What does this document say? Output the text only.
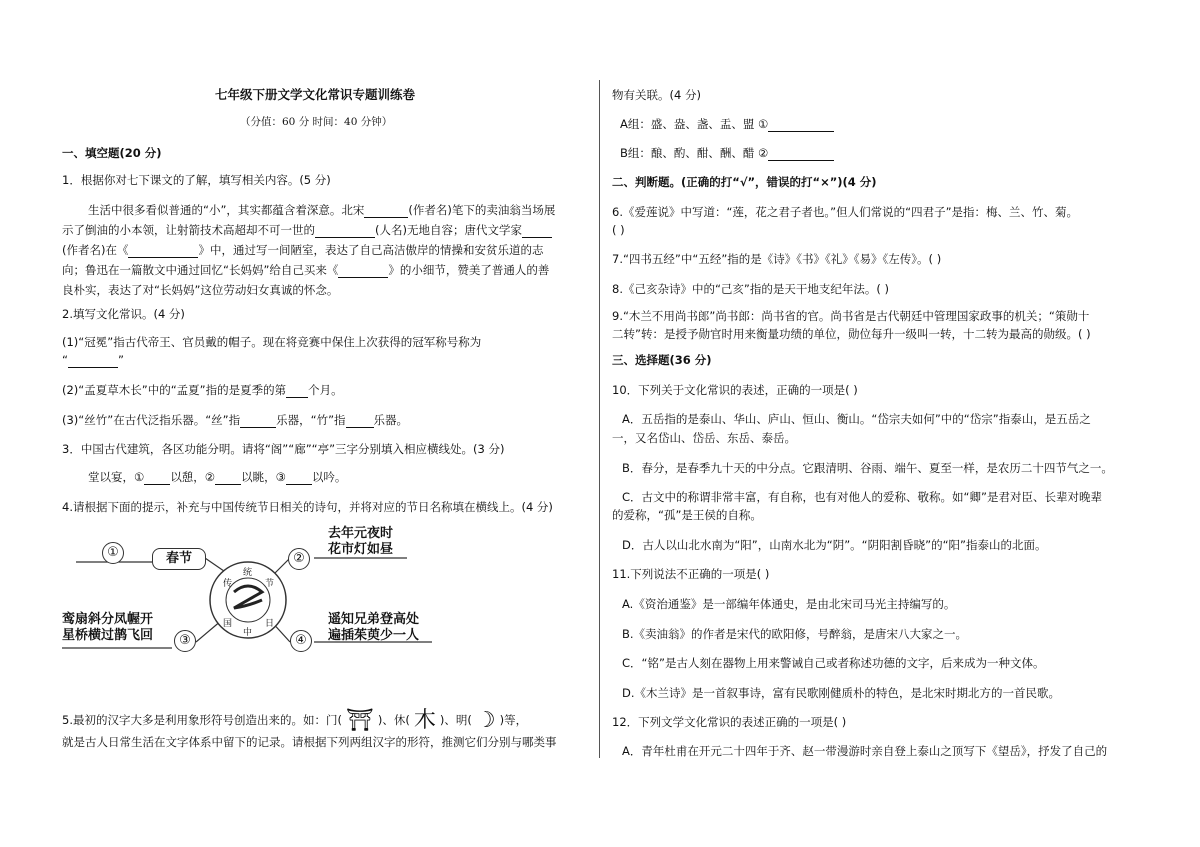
七年级下册文学文化常识专题训练卷
（分值：60 分 时间：40 分钟）
一、填空题(20 分)
1．根据你对七下课文的了解，填写相关内容。(5 分)
生活中很多看似普通的“小”，其实都蕴含着深意。北宋	(作者名)笔下的卖油翁当场展
示了倒油的小本领，让射箭技术高超却不可一世的	(人名)无地自容；唐代文学家
(作者名)在《	》中，通过写一间陋室，表达了自己高洁傲岸的情操和安贫乐道的志
向；鲁迅在一篇散文中通过回忆“长妈妈”给自己买来《	》的小细节，赞美了普通人的善
良朴实，表达了对“长妈妈”这位劳动妇女真诚的怀念。
2.填写文化常识。(4 分)
(1)“冠冕”指古代帝王、官员戴的帽子。现在将竞赛中保住上次获得的冠军称号称为
“	”
(2)“孟夏草木长”中的“孟夏”指的是夏季的第 个月。
(3)“丝竹”在古代泛指乐器。“丝”指	乐器，“竹”指 乐器。
3．中国古代建筑，各区功能分明。请将“阁”“廊”“亭”三字分别填入相应横线处。(3 分)
堂以宴，① 以憩，② 以眺，③ 以吟。
4.请根据下面的提示，补充与中国传统节日相关的诗句，并将对应的节日名称填在横线上。(4 分)
①	春节	②
去年元夜时
花市灯如昼
鸾扇斜分凤幄开
星桥横过鹊飞回	③	④
遥知兄弟登高处
遍插茱萸少一人
传
统
节
日
中
国
5.最初的汉字大多是利用象形符号创造出来的。如：门( ⛩ )、休( ⽊ )、明( ☽ )等，
就是古人日常生活在文字体系中留下的记录。请根据下列两组汉字的形符，推测它们分别与哪类事
物有关联。(4 分)
A组：盛、盎、盏、盂、盟 ①
B组：酿、酌、酣、酬、醋 ②
二、判断题。(正确的打“√”，错误的打“×”)(4 分)
6.《爱莲说》中写道：“莲，花之君子者也。”但人们常说的“四君子”是指：梅、兰、竹、菊。
( )
7.“四书五经”中“五经”指的是《诗》《书》《礼》《易》《左传》。( )
8.《己亥杂诗》中的“己亥”指的是天干地支纪年法。( )
9.“木兰不用尚书郎”尚书郎：尚书省的官。尚书省是古代朝廷中管理国家政事的机关；“策勋十
二转”转：是授予勋官时用来衡量功绩的单位，勋位每升一级叫一转，十二转为最高的勋级。( )
三、选择题(36 分)
10．下列关于文化常识的表述，正确的一项是( )
A．五岳指的是泰山、华山、庐山、恒山、衡山。“岱宗夫如何”中的“岱宗”指泰山，是五岳之
一，又名岱山、岱岳、东岳、泰岳。
B．春分，是春季九十天的中分点。它跟清明、谷雨、端午、夏至一样，是农历二十四节气之一。
C．古文中的称谓非常丰富，有自称，也有对他人的爱称、敬称。如“卿”是君对臣、长辈对晚辈
的爱称，“孤”是王侯的自称。
D．古人以山北水南为“阳”，山南水北为“阴”。“阴阳割昏晓”的“阳”指泰山的北面。
11.下列说法不正确的一项是( )
A.《资治通鉴》是一部编年体通史，是由北宋司马光主持编写的。
B.《卖油翁》的作者是宋代的欧阳修，号醉翁，是唐宋八大家之一。
C．“铭”是古人刻在器物上用来警诫自己或者称述功德的文字，后来成为一种文体。
D.《木兰诗》是一首叙事诗，富有民歌刚健质朴的特色，是北宋时期北方的一首民歌。
12．下列文学文化常识的表述正确的一项是( )
A．青年杜甫在开元二十四年于齐、赵一带漫游时亲自登上泰山之顶写下《望岳》，抒发了自己的
